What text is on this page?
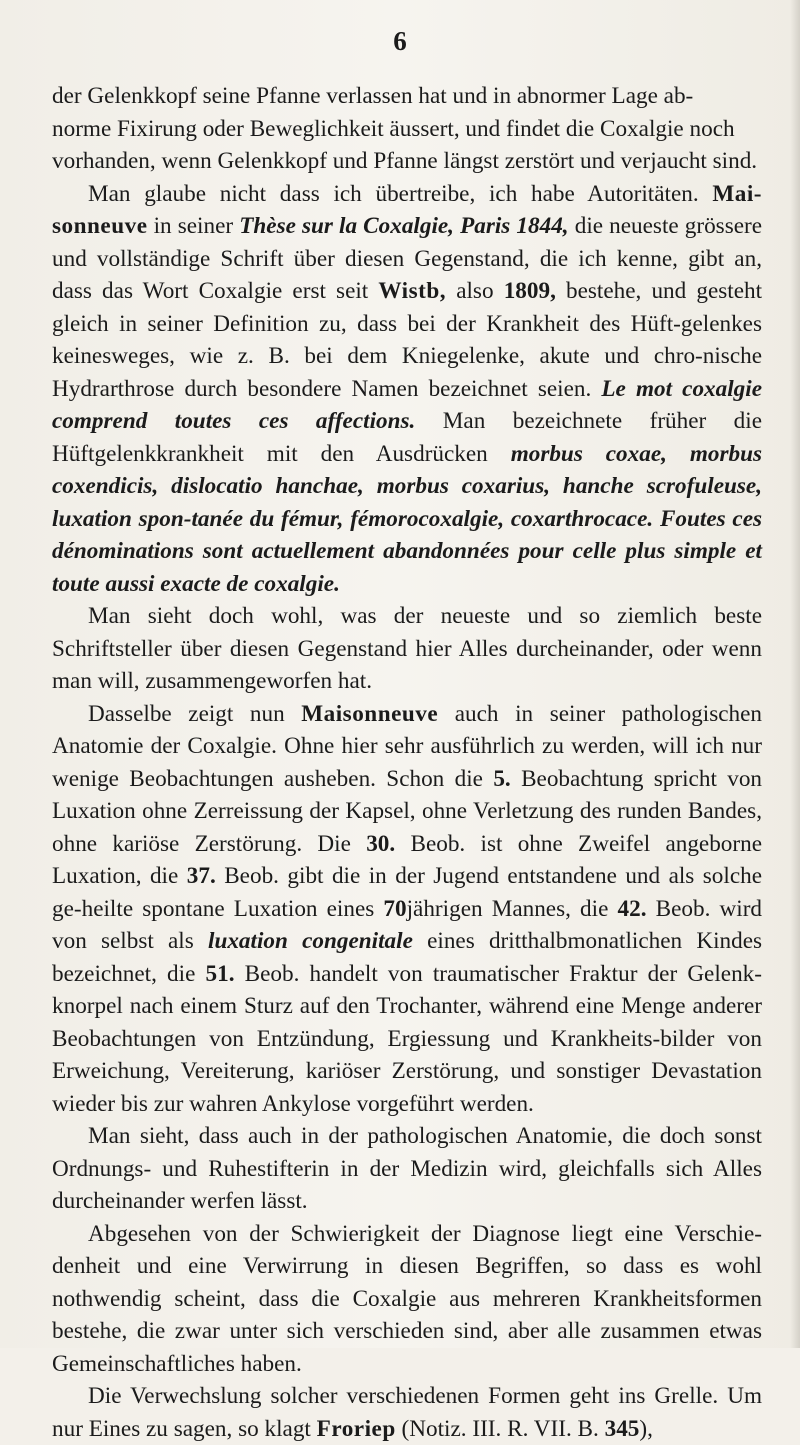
6

der Gelenkkopf seine Pfanne verlassen hat und in abnormer Lage ab-
norme Fixirung oder Beweglichkeit äussert, und findet die Coxalgie noch
vorhanden, wenn Gelenkkopf und Pfanne längst zerstört und verjaucht sind.

Man glaube nicht dass ich übertreibe, ich habe Autoritäten. Mai-sonneuve in seiner Thèse sur la Coxalgie, Paris 1844, die neueste grössere und vollständige Schrift über diesen Gegenstand, die ich kenne, gibt an, dass das Wort Coxalgie erst seit Wistb, also 1809, bestehe, und gesteht gleich in seiner Definition zu, dass bei der Krankheit des Hüft-gelenkes keinesweges, wie z. B. bei dem Kniegelenke, akute und chro-nische Hydrarthrose durch besondere Namen bezeichnet seien. Le mot coxalgie comprend toutes ces affections. Man bezeichnete früher die Hüftgelenkkrankheit mit den Ausdrücken morbus coxae, morbus coxendicis, dislocatio hanchae, morbus coxarius, hanche scrofuleuse, luxation spon-tanée du fémur, fémorocoxalgie, coxarthrocace. Foutes ces dénominations sont actuellement abandonnées pour celle plus simple et toute aussi exacte de coxalgie.

Man sieht doch wohl, was der neueste und so ziemlich beste Schriftsteller über diesen Gegenstand hier Alles durcheinander, oder wenn man will, zusammengeworfen hat.

Dasselbe zeigt nun Maisonneuve auch in seiner pathologischen Anatomie der Coxalgie. Ohne hier sehr ausführlich zu werden, will ich nur wenige Beobachtungen ausheben. Schon die 5. Beobachtung spricht von Luxation ohne Zerreissung der Kapsel, ohne Verletzung des runden Bandes, ohne kariöse Zerstörung. Die 30. Beob. ist ohne Zweifel angeborne Luxation, die 37. Beob. gibt die in der Jugend entstandene und als solche ge-heilte spontane Luxation eines 70jährigen Mannes, die 42. Beob. wird von selbst als luxation congenitale eines dritthalbmonatlichen Kindes bezeichnet, die 51. Beob. handelt von traumatischer Fraktur der Gelenk-knorpel nach einem Sturz auf den Trochanter, während eine Menge anderer Beobachtungen von Entzündung, Ergiessung und Krankheits-bilder von Erweichung, Vereiterung, kariöser Zerstörung, und sonstiger Devastation wieder bis zur wahren Ankylose vorgeführt werden.

Man sieht, dass auch in der pathologischen Anatomie, die doch sonst Ordnungs- und Ruhestifterin in der Medizin wird, gleichfalls sich Alles durcheinander werfen lässt.

Abgesehen von der Schwierigkeit der Diagnose liegt eine Verschie-denheit und eine Verwirrung in diesen Begriffen, so dass es wohl nothwendig scheint, dass die Coxalgie aus mehreren Krankheitsformen bestehe, die zwar unter sich verschieden sind, aber alle zusammen etwas Gemeinschaftliches haben.

Die Verwechslung solcher verschiedenen Formen geht ins Grelle. Um nur Eines zu sagen, so klagt Froriep (Notiz. III. R. VII. B. 345),
